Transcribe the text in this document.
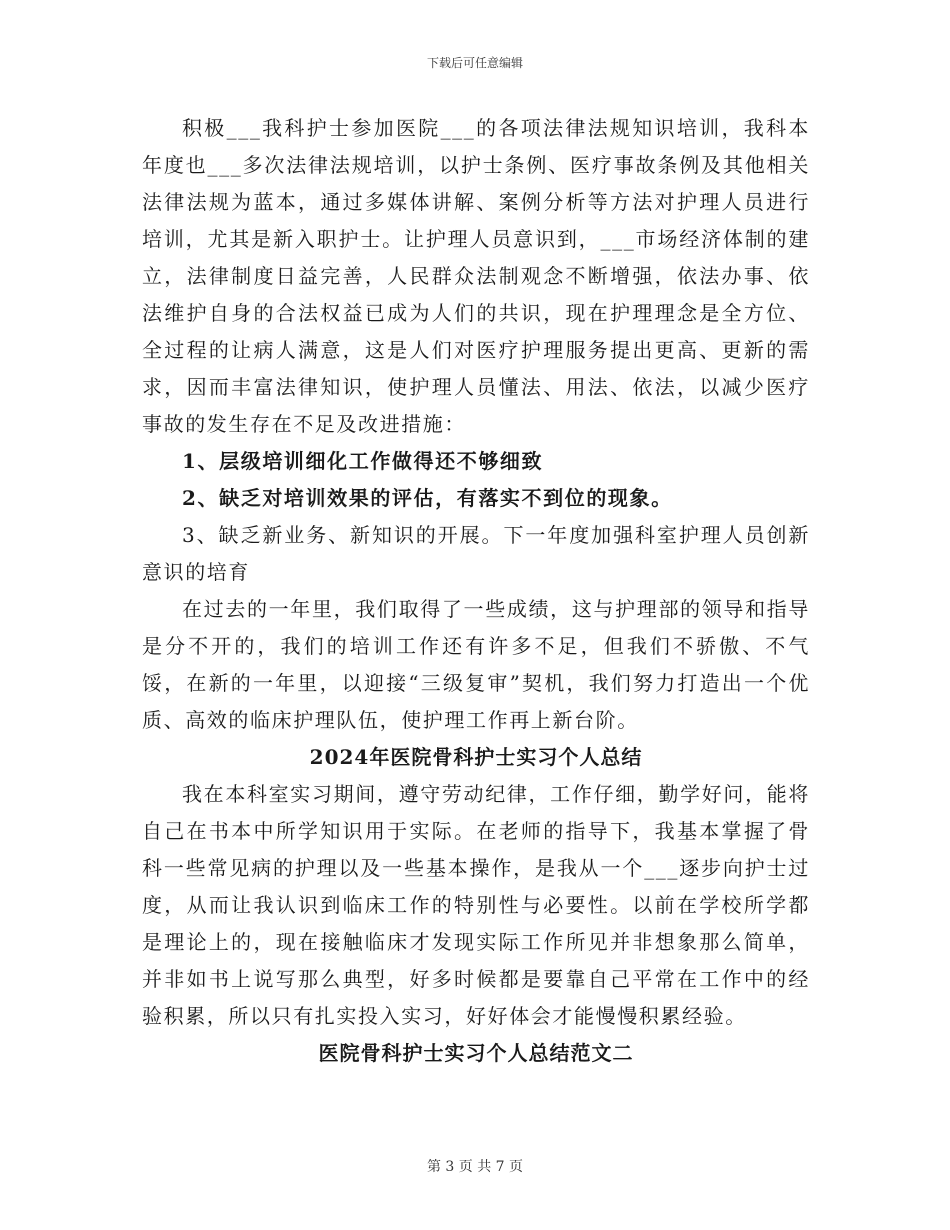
下载后可任意编辑

积极___我科护士参加医院___的各项法律法规知识培训，我科本年度也___多次法律法规培训，以护士条例、医疗事故条例及其他相关法律法规为蓝本，通过多媒体讲解、案例分析等方法对护理人员进行培训，尤其是新入职护士。让护理人员意识到，___市场经济体制的建立，法律制度日益完善，人民群众法制观念不断增强，依法办事、依法维护自身的合法权益已成为人们的共识，现在护理理念是全方位、全过程的让病人满意，这是人们对医疗护理服务提出更高、更新的需求，因而丰富法律知识，使护理人员懂法、用法、依法，以减少医疗事故的发生存在不足及改进措施：

1、层级培训细化工作做得还不够细致

2、缺乏对培训效果的评估，有落实不到位的现象。

3、缺乏新业务、新知识的开展。下一年度加强科室护理人员创新意识的培育

在过去的一年里，我们取得了一些成绩，这与护理部的领导和指导是分不开的，我们的培训工作还有许多不足，但我们不骄傲、不气馁，在新的一年里，以迎接“三级复审”契机，我们努力打造出一个优质、高效的临床护理队伍，使护理工作再上新台阶。

2024年医院骨科护士实习个人总结

我在本科室实习期间，遵守劳动纪律，工作仔细，勤学好问，能将自己在书本中所学知识用于实际。在老师的指导下，我基本掌握了骨科一些常见病的护理以及一些基本操作，是我从一个___逐步向护士过度，从而让我认识到临床工作的特别性与必要性。以前在学校所学都是理论上的，现在接触临床才发现实际工作所见并非想象那么简单，并非如书上说写那么典型，好多时候都是要靠自己平常在工作中的经验积累，所以只有扎实投入实习，好好体会才能慢慢积累经验。

医院骨科护士实习个人总结范文二

第 3 页 共 7 页
